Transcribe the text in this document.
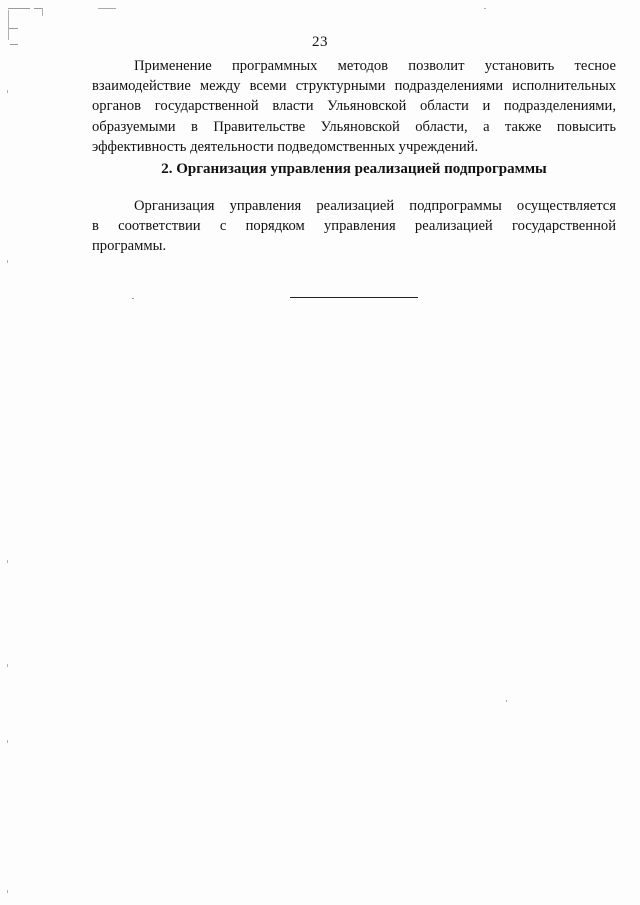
23
Применение программных методов позволит установить тесное
взаимодействие между всеми структурными подразделениями исполнительных
органов государственной власти Ульяновской области и подразделениями,
образуемыми в Правительстве Ульяновской области, а также повысить
эффективность деятельности подведомственных учреждений.
2. Организация управления реализацией подпрограммы
Организация управления реализацией подпрограммы осуществляется
в соответствии с порядком управления реализацией государственной
программы.
